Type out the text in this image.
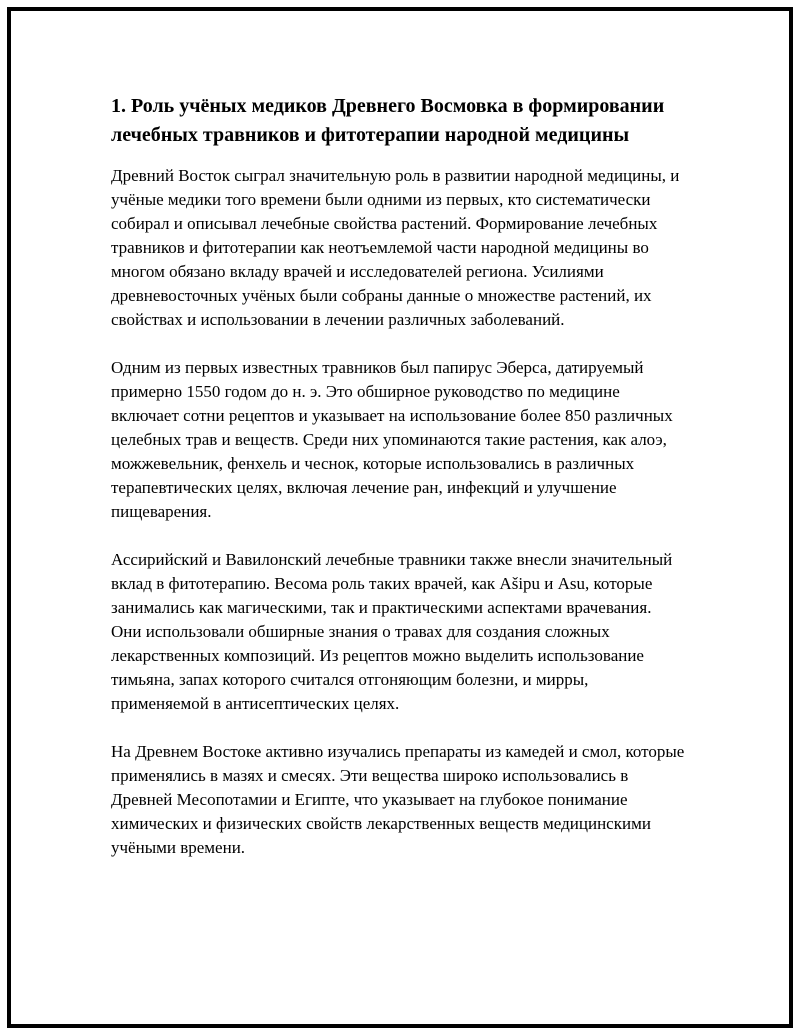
1. Роль учёных медиков Древнего Восмовка в формировании лечебных травников и фитотерапии народной медицины

Древний Восток сыграл значительную роль в развитии народной медицины, и учёные медики того времени были одними из первых, кто систематически собирал и описывал лечебные свойства растений. Формирование лечебных травников и фитотерапии как неотъемлемой части народной медицины во многом обязано вкладу врачей и исследователей региона. Усилиями древневосточных учёных были собраны данные о множестве растений, их свойствах и использовании в лечении различных заболеваний.

Одним из первых известных травников был папирус Эберса, датируемый примерно 1550 годом до н. э. Это обширное руководство по медицине включает сотни рецептов и указывает на использование более 850 различных целебных трав и веществ. Среди них упоминаются такие растения, как алоэ, можжевельник, фенхель и чеснок, которые использовались в различных терапевтических целях, включая лечение ран, инфекций и улучшение пищеварения.

Ассирийский и Вавилонский лечебные травники также внесли значительный вклад в фитотерапию. Весома роль таких врачей, как Ašipu и Asu, которые занимались как магическими, так и практическими аспектами врачевания. Они использовали обширные знания о травах для создания сложных лекарственных композиций. Из рецептов можно выделить использование тимьяна, запах которого считался отгоняющим болезни, и мирры, применяемой в антисептических целях.

На Древнем Востоке активно изучались препараты из камедей и смол, которые применялись в мазях и смесях. Эти вещества широко использовались в Древней Месопотамии и Египте, что указывает на глубокое понимание химических и физических свойств лекарственных веществ медицинскими учёными времени.
